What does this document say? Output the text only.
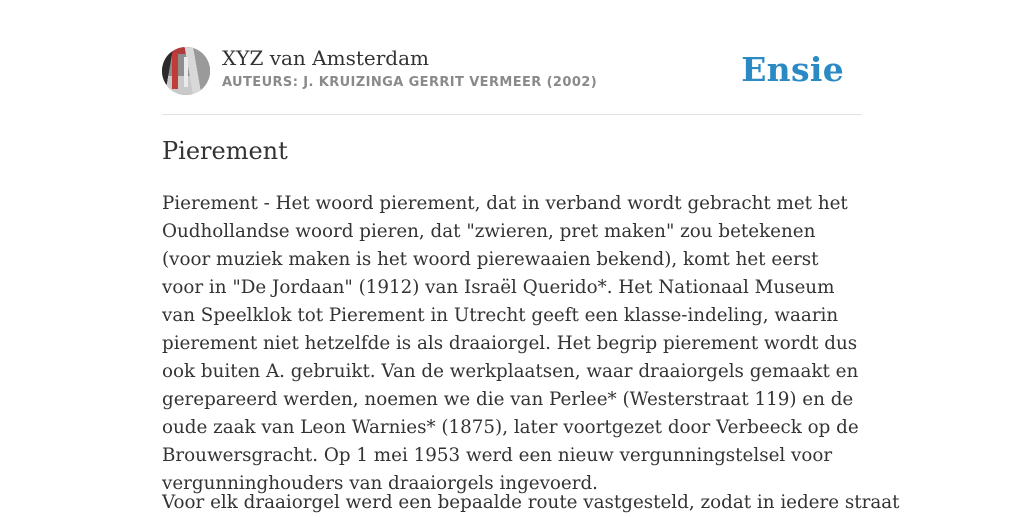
XYZ van Amsterdam
AUTEURS: J. KRUIZINGA GERRIT VERMEER (2002)	Ensie
Pierement

Pierement - Het woord pierement, dat in verband wordt gebracht met het Oudhollandse woord pieren, dat "zwieren, pret maken" zou betekenen (voor muziek maken is het woord pierewaaien bekend), komt het eerst voor in "De Jordaan" (1912) van Israël Querido*. Het Nationaal Museum van Speelklok tot Pierement in Utrecht geeft een klasse-indeling, waarin pierement niet hetzelfde is als draaiorgel. Het begrip pierement wordt dus ook buiten A. gebruikt. Van de werkplaatsen, waar draaiorgels gemaakt en gerepareerd werden, noemen we die van Perlee* (Westerstraat 119) en de oude zaak van Leon Warnies* (1875), later voortgezet door Verbeeck op de Brouwersgracht. Op 1 mei 1953 werd een nieuw vergunningstelsel voor vergunninghouders van draaiorgels ingevoerd.

Voor elk draaiorgel werd een bepaalde route vastgesteld, zodat in iedere straat
